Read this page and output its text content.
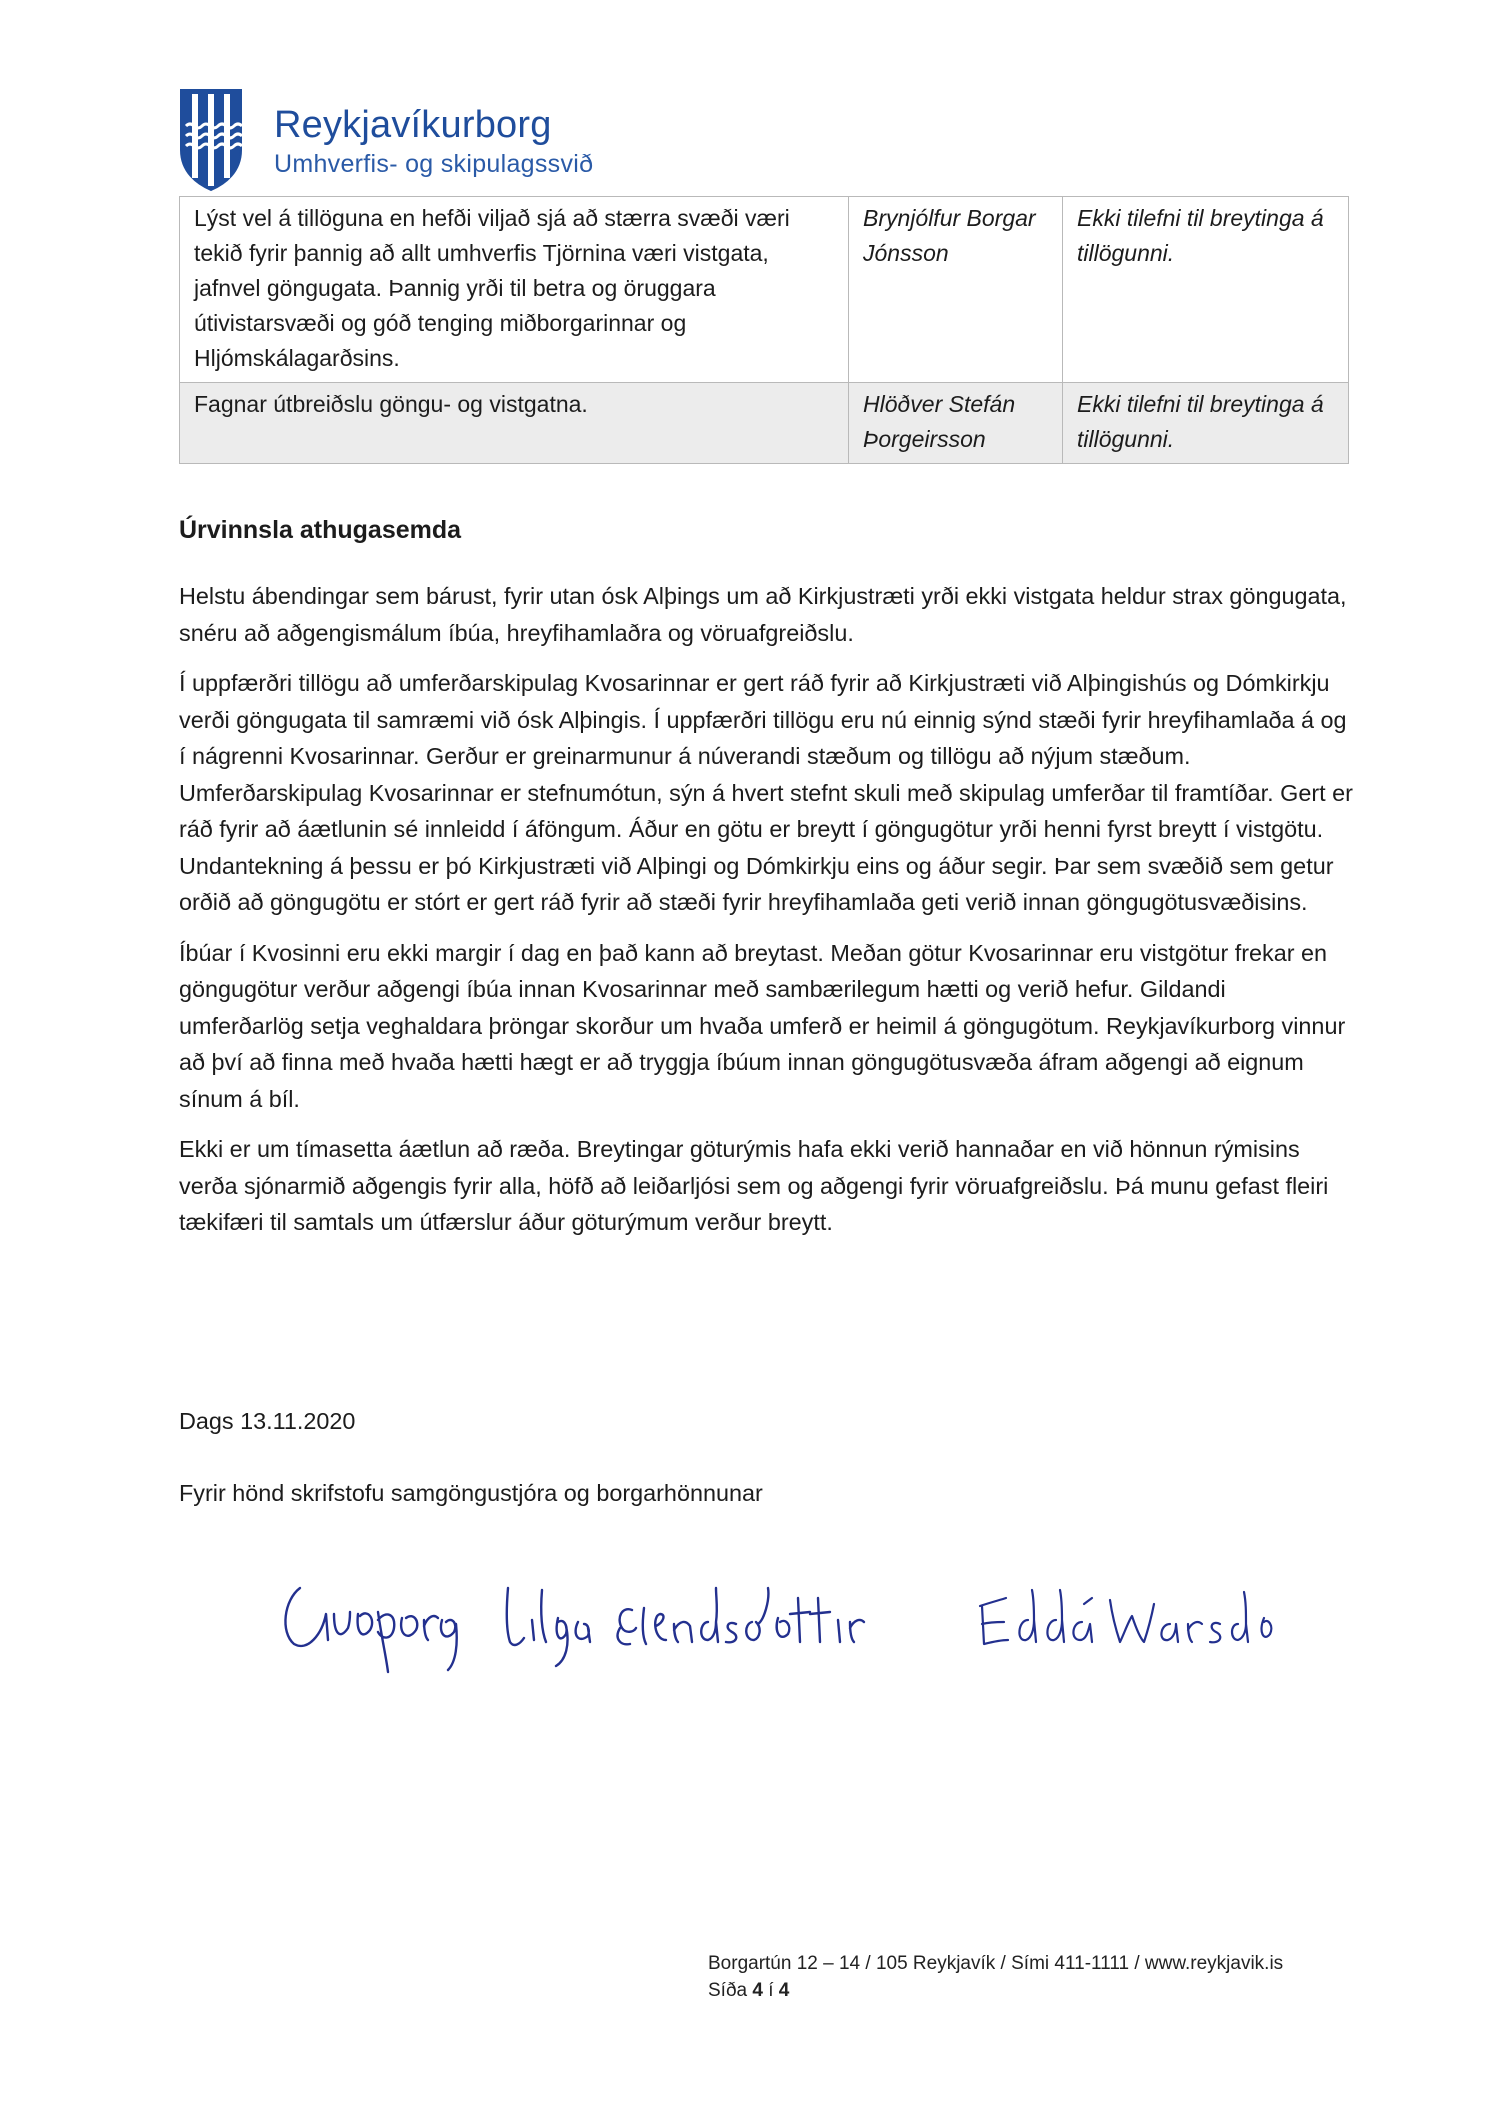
Reykjavíkurborg
Umhverfis- og skipulagssvið
Lýst vel á tillöguna en hefði viljað sjá að stærra svæði væri tekið fyrir þannig að allt umhverfis Tjörnina væri vistgata, jafnvel göngugata. Þannig yrði til betra og öruggara útivistarsvæði og góð tenging miðborgarinnar og Hljómskálagarðsins.	Brynjólfur Borgar Jónsson	Ekki tilefni til breytinga á tillögunni.
Fagnar útbreiðslu göngu- og vistgatna.	Hlöðver Stefán Þorgeirsson	Ekki tilefni til breytinga á tillögunni.
Úrvinnsla athugasemda

Helstu ábendingar sem bárust, fyrir utan ósk Alþings um að Kirkjustræti yrði ekki vistgata heldur strax göngugata, snéru að aðgengismálum íbúa, hreyfihamlaðra og vöruafgreiðslu.

Í uppfærðri tillögu að umferðarskipulag Kvosarinnar er gert ráð fyrir að Kirkjustræti við Alþingishús og Dómkirkju verði göngugata til samræmi við ósk Alþingis. Í uppfærðri tillögu eru nú einnig sýnd stæði fyrir hreyfihamlaða á og í nágrenni Kvosarinnar. Gerður er greinarmunur á núverandi stæðum og tillögu að nýjum stæðum. Umferðarskipulag Kvosarinnar er stefnumótun, sýn á hvert stefnt skuli með skipulag umferðar til framtíðar. Gert er ráð fyrir að áætlunin sé innleidd í áföngum. Áður en götu er breytt í göngugötur yrði henni fyrst breytt í vistgötu. Undantekning á þessu er þó Kirkjustræti við Alþingi og Dómkirkju eins og áður segir. Þar sem svæðið sem getur orðið að göngugötu er stórt er gert ráð fyrir að stæði fyrir hreyfihamlaða geti verið innan göngugötusvæðisins.

Íbúar í Kvosinni eru ekki margir í dag en það kann að breytast. Meðan götur Kvosarinnar eru vistgötur frekar en göngugötur verður aðgengi íbúa innan Kvosarinnar með sambærilegum hætti og verið hefur. Gildandi umferðarlög setja veghaldara þröngar skorður um hvaða umferð er heimil á göngugötum. Reykjavíkurborg vinnur að því að finna með hvaða hætti hægt er að tryggja íbúum innan göngugötusvæða áfram aðgengi að eignum sínum á bíl.

Ekki er um tímasetta áætlun að ræða. Breytingar göturýmis hafa ekki verið hannaðar en við hönnun rýmisins verða sjónarmið aðgengis fyrir alla, höfð að leiðarljósi sem og aðgengi fyrir vöruafgreiðslu. Þá munu gefast fleiri tækifæri til samtals um útfærslur áður göturýmum verður breytt.

Dags 13.11.2020
Fyrir hönd skrifstofu samgöngustjóra og borgarhönnunar
Borgartún 12 – 14 / 105 Reykjavík / Sími 411-1111 / www.reykjavik.is
Síða 4 í 4
